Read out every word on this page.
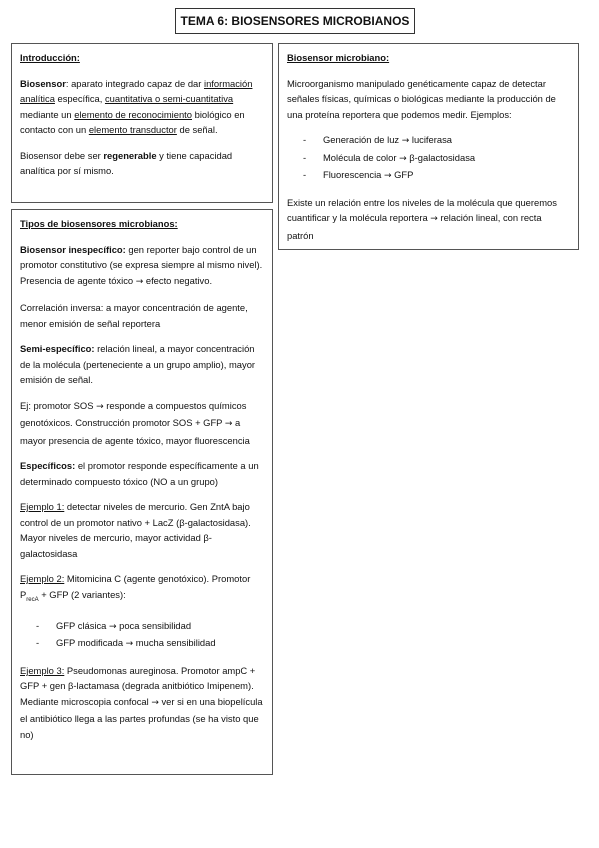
TEMA 6: BIOSENSORES MICROBIANOS
Introducción:

Biosensor: aparato integrado capaz de dar información analítica específica, cuantitativa o semi-cuantitativa mediante un elemento de reconocimiento biológico en contacto con un elemento transductor de señal.

Biosensor debe ser regenerable y tiene capacidad analítica por sí mismo.

Tipos de biosensores microbianos:

Biosensor inespecífico: gen reporter bajo control de un promotor constitutivo (se expresa siempre al mismo nivel). Presencia de agente tóxico → efecto negativo.

Correlación inversa: a mayor concentración de agente, menor emisión de señal reportera

Semi-específico: relación lineal, a mayor concentración de la molécula (perteneciente a un grupo amplio), mayor emisión de señal.

Ej: promotor SOS → responde a compuestos químicos genotóxicos. Construcción promotor SOS + GFP → a mayor presencia de agente tóxico, mayor fluorescencia

Específicos: el promotor responde específicamente a un determinado compuesto tóxico (NO a un grupo)

Ejemplo 1: detectar niveles de mercurio. Gen ZntA bajo control de un promotor nativo + LacZ (β-galactosidasa). Mayor niveles de mercurio, mayor actividad β-galactosidasa

Ejemplo 2: Mitomicina C (agente genotóxico). Promotor $P_{recA}$ + GFP (2 variantes):

- GFP clásica → poca sensibilidad
- GFP modificada → mucha sensibilidad

Ejemplo 3: Pseudomonas aureginosa. Promotor ampC + GFP + gen β-lactamasa (degrada anitbiótico Imipenem). Mediante microscopia confocal → ver si en una biopelícula el antibiótico llega a las partes profundas (se ha visto que no)

Biosensor microbiano:

Microorganismo manipulado genéticamente capaz de detectar señales físicas, químicas o biológicas mediante la producción de una proteína reportera que podemos medir. Ejemplos:

- Generación de luz → luciferasa
- Molécula de color → β-galactosidasa
- Fluorescencia → GFP

Existe un relación entre los niveles de la molécula que queremos cuantificar y la molécula reportera → relación lineal, con recta patrón
